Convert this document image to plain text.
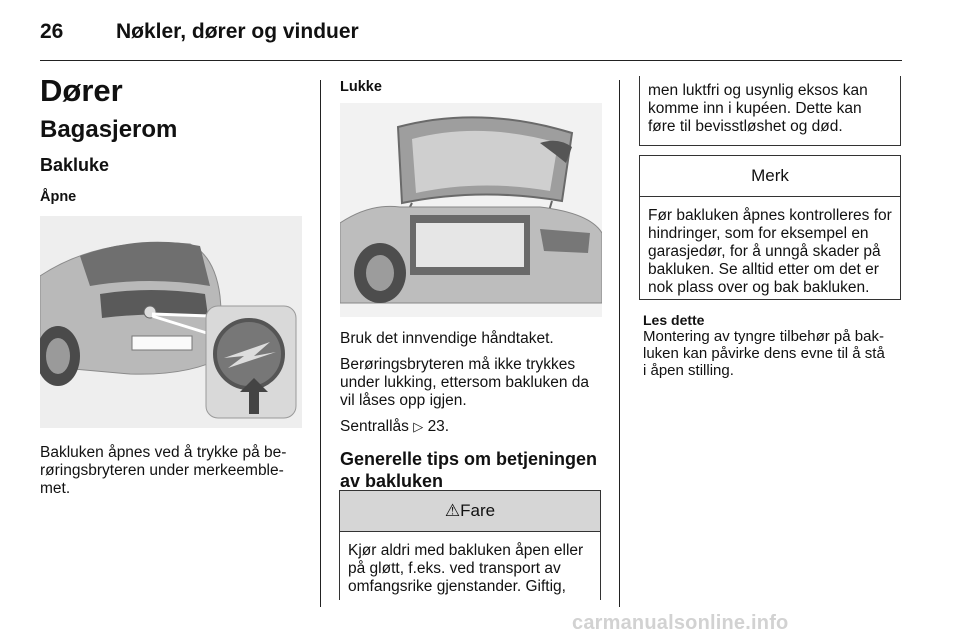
26	Nøkler, dører og vinduer
Dører
Bagasjerom
Bakluke
Åpne
Bakluken åpnes ved å trykke på be-
røringsbryteren under merkeemble-
met.
Lukke

Bruk det innvendige håndtaket.

Berøringsbryteren må ikke trykkes under lukking, ettersom bakluken da vil låses opp igjen.

Sentrallås ▷ 23.

Generelle tips om betjeningen av bakluken
⚠Fare
Kjør aldri med bakluken åpen eller på gløtt, f.eks. ved transport av omfangsrike gjenstander. Giftig,
men luktfri og usynlig eksos kan komme inn i kupéen. Dette kan føre til bevisstløshet og død.
Merk
Før bakluken åpnes kontrolleres for hindringer, som for eksempel en garasjedør, for å unngå skader på bakluken. Se alltid etter om det er nok plass over og bak bakluken.
Les dette
Montering av tyngre tilbehør på bak-
luken kan påvirke dens evne til å stå
i åpen stilling.
carmanualsonline.info
